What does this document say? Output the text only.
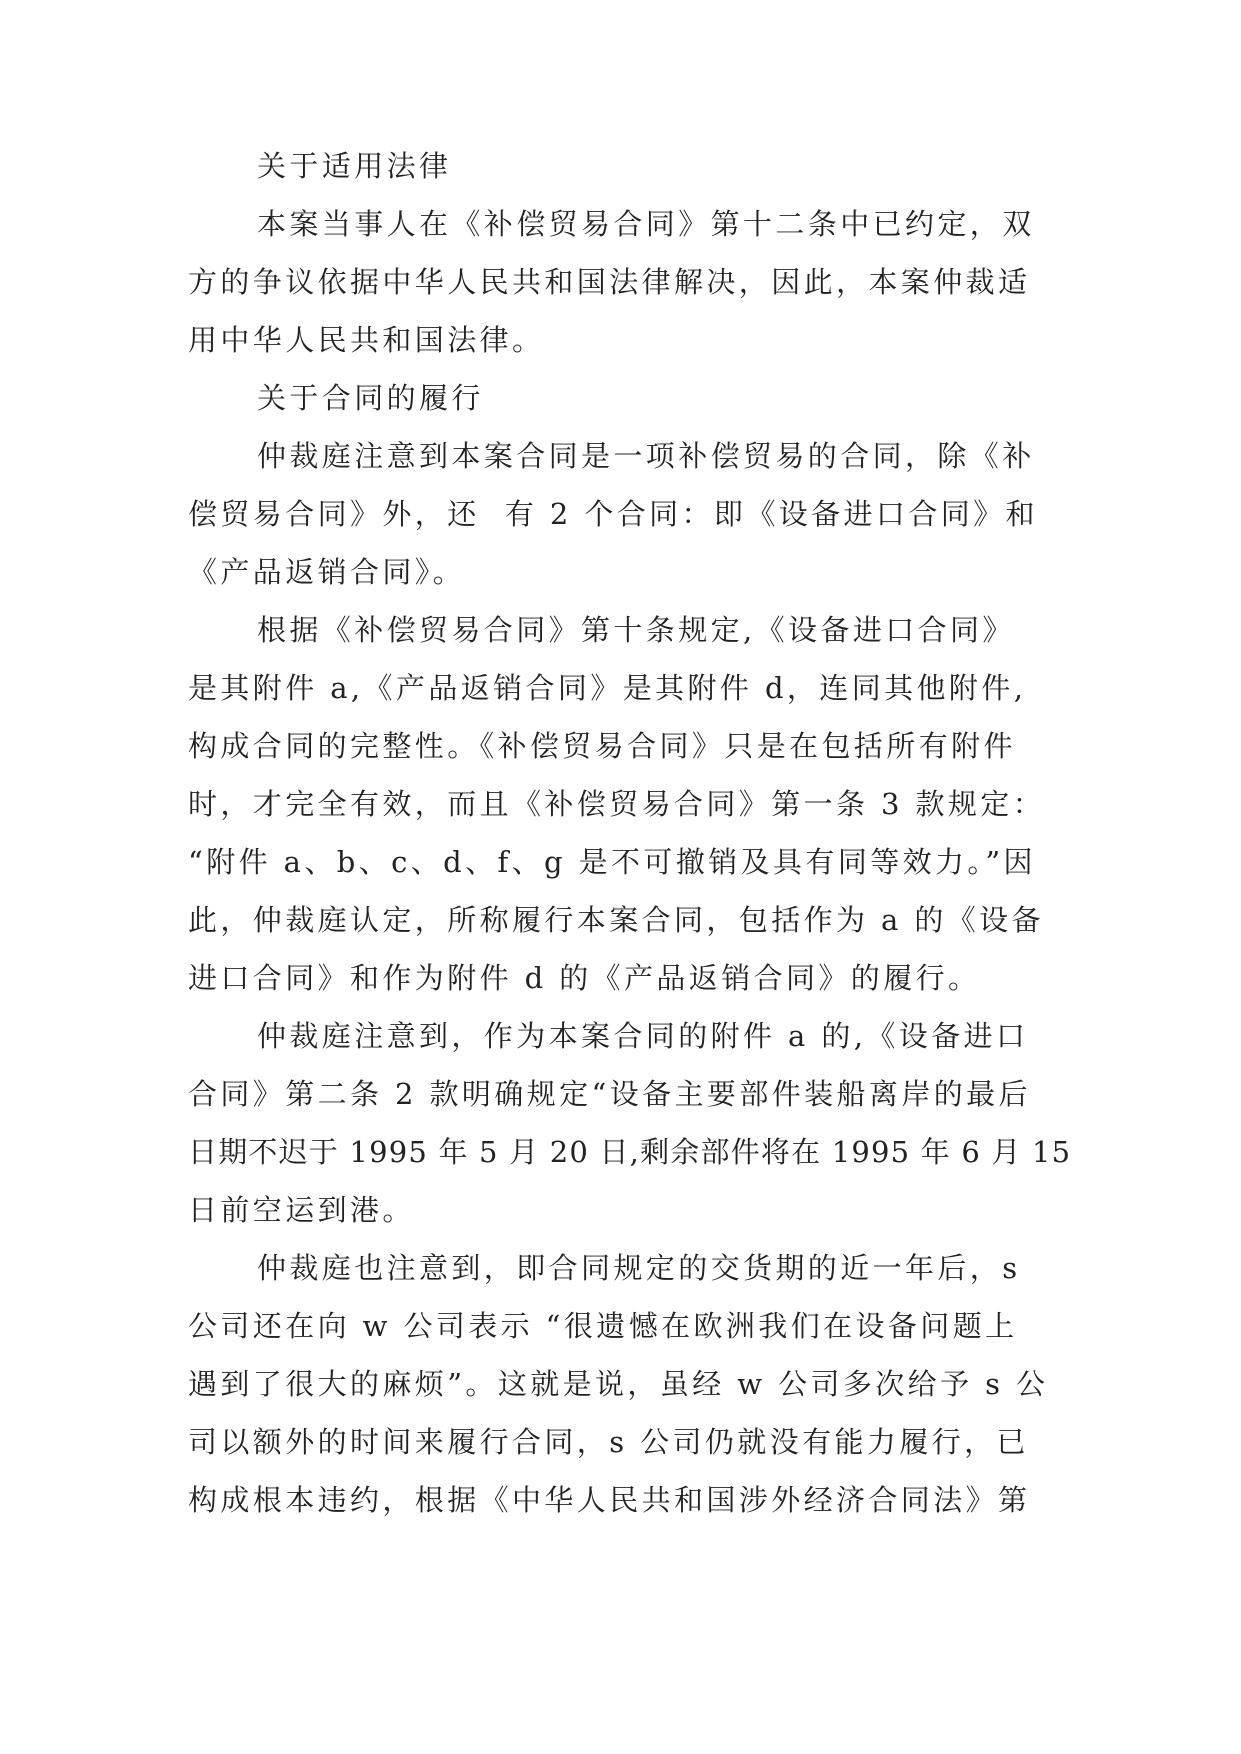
关于适用法律
本案当事人在《补偿贸易合同》第十二条中已约定，双
方的争议依据中华人民共和国法律解决，因此，本案仲裁适
用中华人民共和国法律。
关于合同的履行
仲裁庭注意到本案合同是一项补偿贸易的合同，除《补
偿贸易合同》外，还  有 2 个合同：即《设备进口合同》和
《产品返销合同》。
根据《补偿贸易合同》第十条规定,《设备进口合同》
是其附件 a,《产品返销合同》是其附件 d，连同其他附件,
构成合同的完整性。《补偿贸易合同》只是在包括所有附件
时，才完全有效，而且《补偿贸易合同》第一条 3 款规定：
“附件 a、b、c、d、f、g 是不可撤销及具有同等效力。”因
此，仲裁庭认定，所称履行本案合同，包括作为 a 的《设备
进口合同》和作为附件 d 的《产品返销合同》的履行。
仲裁庭注意到，作为本案合同的附件 a 的,《设备进口
合同》第二条 2 款明确规定“设备主要部件装船离岸的最后
日期不迟于 1995 年 5 月 20 日,剩余部件将在 1995 年 6 月 15
日前空运到港。
仲裁庭也注意到，即合同规定的交货期的近一年后，s
公司还在向 w 公司表示 “很遗憾在欧洲我们在设备问题上
遇到了很大的麻烦”。这就是说，虽经 w 公司多次给予 s 公
司以额外的时间来履行合同，s 公司仍就没有能力履行，已
构成根本违约，根据《中华人民共和国涉外经济合同法》第
